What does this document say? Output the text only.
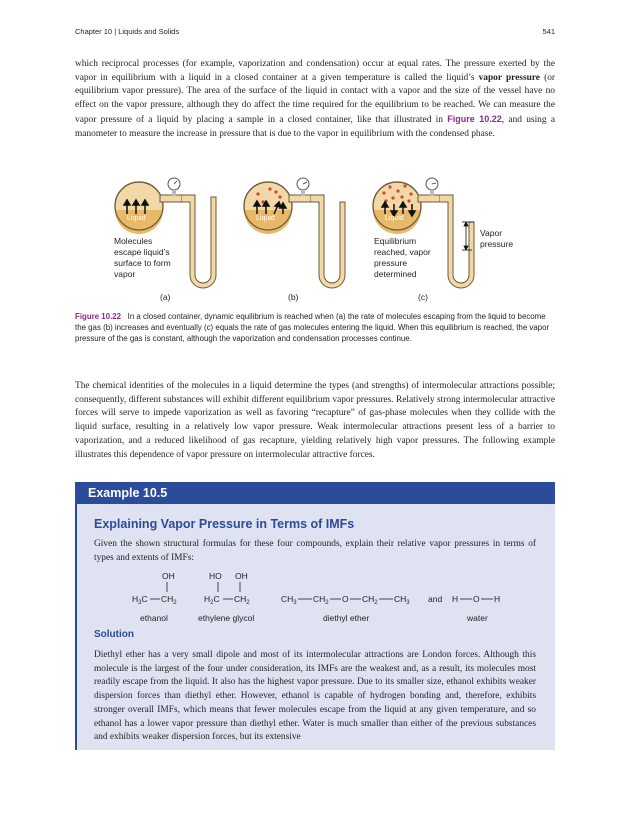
Chapter 10 | Liquids and Solids	541
which reciprocal processes (for example, vaporization and condensation) occur at equal rates. The pressure exerted by the vapor in equilibrium with a liquid in a closed container at a given temperature is called the liquid’s vapor pressure (or equilibrium vapor pressure). The area of the surface of the liquid in contact with a vapor and the size of the vessel have no effect on the vapor pressure, although they do affect the time required for the equilibrium to be reached. We can measure the vapor pressure of a liquid by placing a sample in a closed container, like that illustrated in Figure 10.22, and using a manometer to measure the increase in pressure that is due to the vapor in equilibrium with the condensed phase.
Liquid
Molecules
escape liquid’s
surface to form
vapor
(a)
Liquid
(b)
Liquid
Vapor
pressure
Equilibrium
reached, vapor
pressure
determined
(c)
Figure 10.22 In a closed container, dynamic equilibrium is reached when (a) the rate of molecules escaping from the liquid to become the gas (b) increases and eventually (c) equals the rate of gas molecules entering the liquid. When this equilibrium is reached, the vapor pressure of the gas is constant, although the vaporization and condensation processes continue.
The chemical identities of the molecules in a liquid determine the types (and strengths) of intermolecular attractions possible; consequently, different substances will exhibit different equilibrium vapor pressures. Relatively strong intermolecular attractive forces will serve to impede vaporization as well as favoring “recapture” of gas-phase molecules when they collide with the liquid surface, resulting in a relatively low vapor pressure. Weak intermolecular attractions present less of a barrier to vaporization, and a reduced likelihood of gas recapture, yielding relatively high vapor pressures. The following example illustrates this dependence of vapor pressure on intermolecular attractive forces.
Example 10.5
Explaining Vapor Pressure in Terms of IMFs
Given the shown structural formulas for these four compounds, explain their relative vapor pressures in terms of types and extents of IMFs:
OH
$H_3C$ $CH_2$
HO OH
$H_2C$ $CH_2$	$CH_3$ $CH_2$ O $CH_2$ $CH_3$ and H O H
ethanol	ethylene glycol	diethyl ether	water
Solution
Diethyl ether has a very small dipole and most of its intermolecular attractions are London forces. Although this molecule is the largest of the four under consideration, its IMFs are the weakest and, as a result, its molecules most readily escape from the liquid. It also has the highest vapor pressure. Due to its smaller size, ethanol exhibits weaker dispersion forces than diethyl ether. However, ethanol is capable of hydrogen bonding and, therefore, exhibits stronger overall IMFs, which means that fewer molecules escape from the liquid at any given temperature, and so ethanol has a lower vapor pressure than diethyl ether. Water is much smaller than either of the previous substances and exhibits weaker dispersion forces, but its extensive
